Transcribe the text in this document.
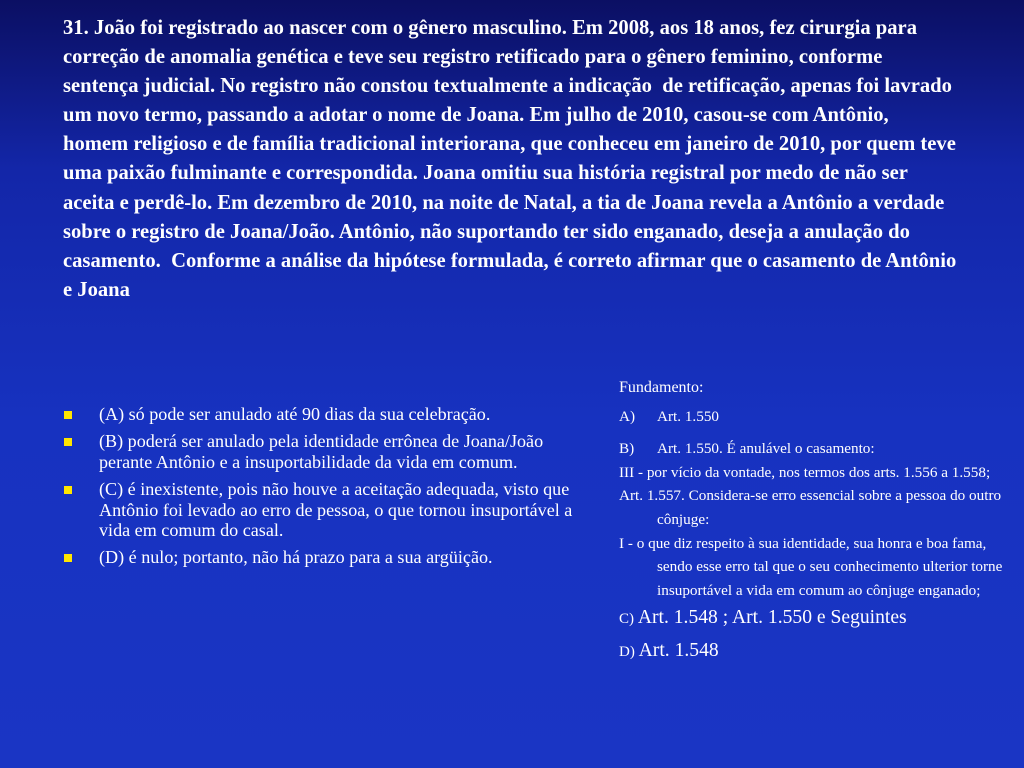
31. João foi registrado ao nascer com o gênero masculino. Em 2008, aos 18 anos, fez cirurgia para correção de anomalia genética e teve seu registro retificado para o gênero feminino, conforme sentença judicial. No registro não constou textualmente a indicação  de retificação, apenas foi lavrado um novo termo, passando a adotar o nome de Joana. Em julho de 2010, casou-se com Antônio, homem religioso e de família tradicional interiorana, que conheceu em janeiro de 2010, por quem teve uma paixão fulminante e correspondida. Joana omitiu sua história registral por medo de não ser aceita e perdê-lo. Em dezembro de 2010, na noite de Natal, a tia de Joana revela a Antônio a verdade sobre o registro de Joana/João. Antônio, não suportando ter sido enganado, deseja a anulação do casamento.  Conforme a análise da hipótese formulada, é correto afirmar que o casamento de Antônio e Joana

(A) só pode ser anulado até 90 dias da sua celebração.
(B) poderá ser anulado pela identidade errônea de Joana/João perante Antônio e a insuportabilidade da vida em comum.
(C) é inexistente, pois não houve a aceitação adequada, visto que Antônio foi levado ao erro de pessoa, o que tornou insuportável a vida em comum do casal.
(D) é nulo; portanto, não há prazo para a sua argüição.
Fundamento:
A)	Art. 1.550
B)	Art. 1.550. É anulável o casamento:
III - por vício da vontade, nos termos dos arts. 1.556 a 1.558;
Art. 1.557. Considera-se erro essencial sobre a pessoa do outro cônjuge:
I - o que diz respeito à sua identidade, sua honra e boa fama, sendo esse erro tal que o seu conhecimento ulterior torne insuportável a vida em comum ao cônjuge enganado;
C) Art. 1.548 ; Art. 1.550 e Seguintes
D) Art. 1.548
